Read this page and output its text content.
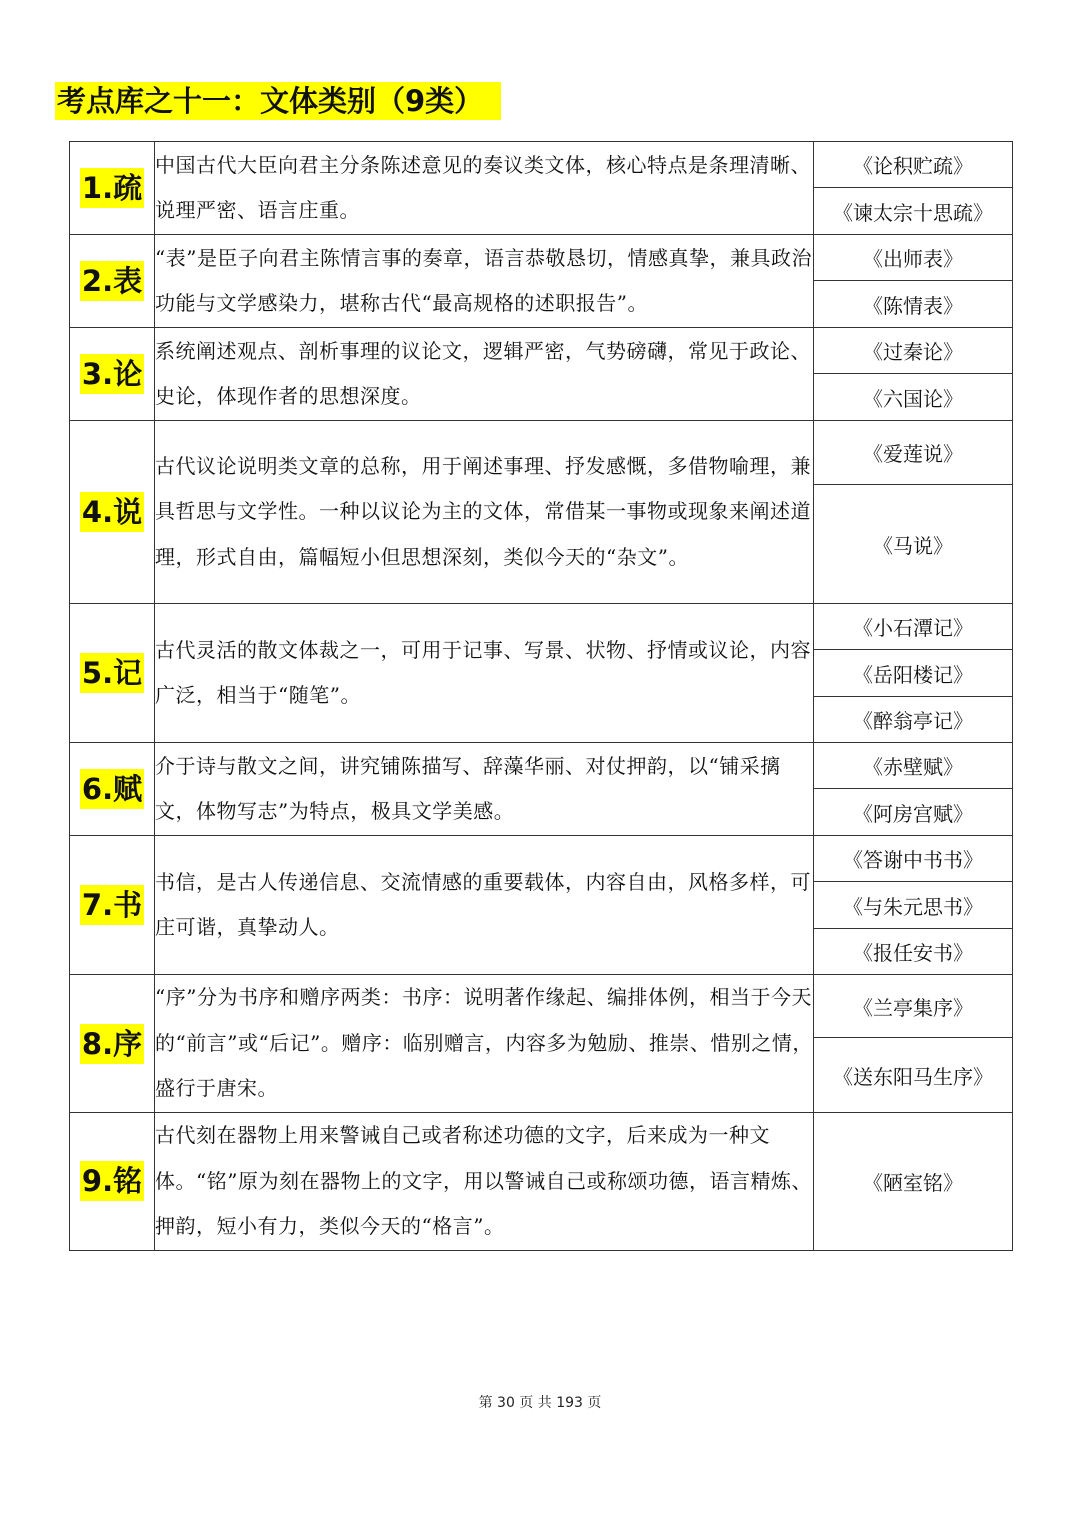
考点库之十一：文体类别（9类）
1.疏	中国古代大臣向君主分条陈述意见的奏议类文体，核心特点是条理清晰、说理严密、语言庄重。	《论积贮疏》
《谏太宗十思疏》

2.表	“表”是臣子向君主陈情言事的奏章，语言恭敬恳切，情感真挚，兼具政治功能与文学感染力，堪称古代“最高规格的述职报告”。	《出师表》
《陈情表》

3.论	系统阐述观点、剖析事理的议论文，逻辑严密，气势磅礴，常见于政论、史论，体现作者的思想深度。	《过秦论》
《六国论》

4.说	古代议论说明类文章的总称，用于阐述事理、抒发感慨，多借物喻理，兼具哲思与文学性。一种以议论为主的文体，常借某一事物或现象来阐述道理，形式自由，篇幅短小但思想深刻，类似今天的“杂文”。	《爱莲说》
《马说》

5.记	古代灵活的散文体裁之一，可用于记事、写景、状物、抒情或议论，内容广泛，相当于“随笔”。	《小石潭记》
《岳阳楼记》
《醉翁亭记》

6.赋	介于诗与散文之间，讲究铺陈描写、辞藻华丽、对仗押韵，以“铺采摛文，体物写志”为特点，极具文学美感。	《赤壁赋》
《阿房宫赋》

7.书	书信，是古人传递信息、交流情感的重要载体，内容自由，风格多样，可庄可谐，真挚动人。	《答谢中书书》
《与朱元思书》
《报任安书》

8.序	“序”分为书序和赠序两类：书序：说明著作缘起、编排体例，相当于今天的“前言”或“后记”。赠序：临别赠言，内容多为勉励、推崇、惜别之情，盛行于唐宋。	《兰亭集序》
《送东阳马生序》

9.铭	古代刻在器物上用来警诫自己或者称述功德的文字，后来成为一种文体。“铭”原为刻在器物上的文字，用以警诫自己或称颂功德，语言精炼、押韵，短小有力，类似今天的“格言”。	《陋室铭》
第 30 页 共 193 页
